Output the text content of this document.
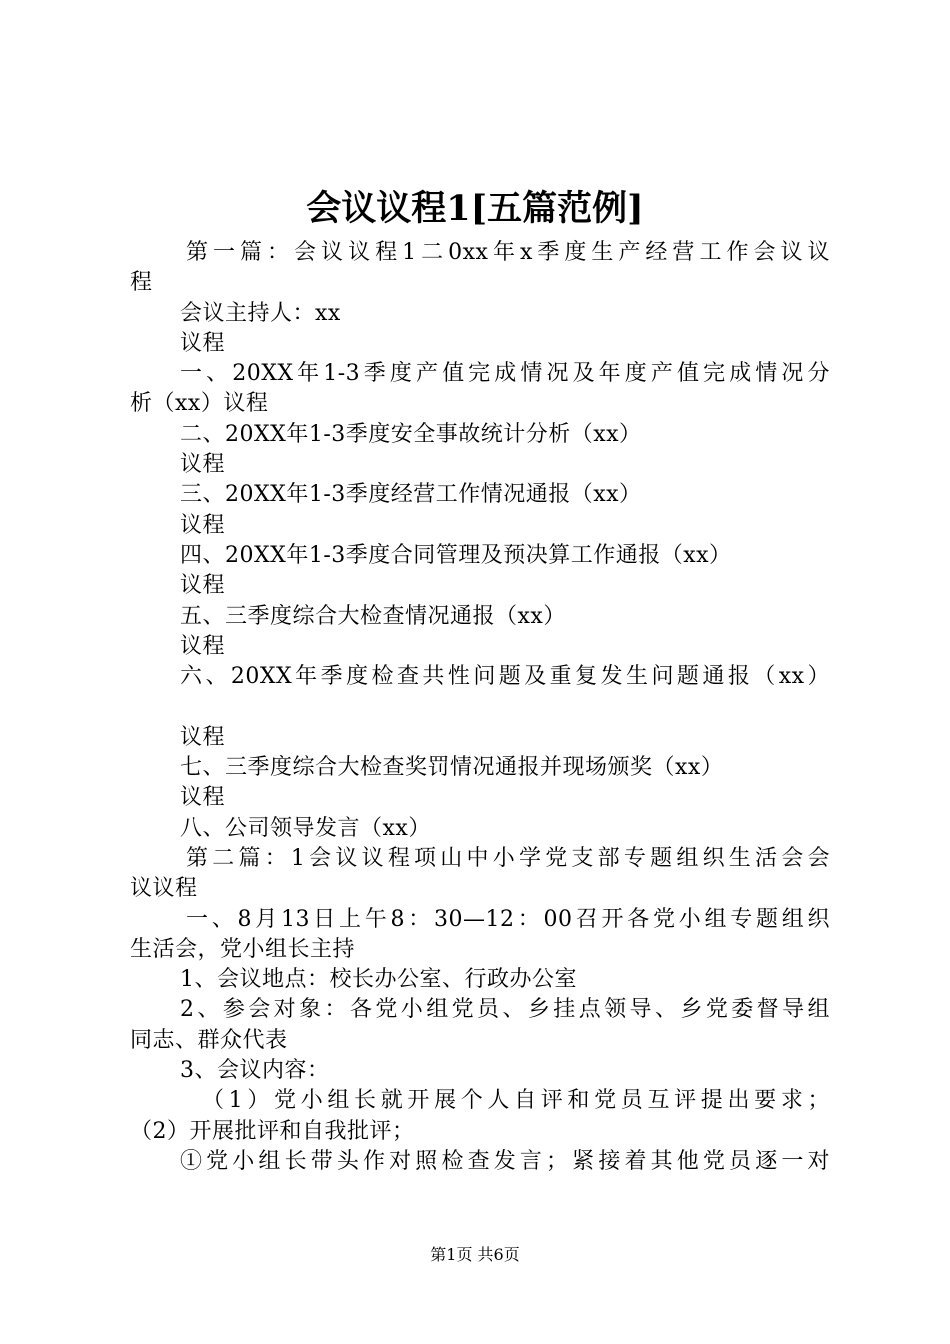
会议议程1[五篇范例]
第一篇：会议议程1二0xx年x季度生产经营工作会议议
程
会议主持人：xx
议程
一、20XX年1-3季度产值完成情况及年度产值完成情况分
析（xx）议程
二、20XX年1-3季度安全事故统计分析（xx）
议程
三、20XX年1-3季度经营工作情况通报（xx）
议程
四、20XX年1-3季度合同管理及预决算工作通报（xx）
议程
五、三季度综合大检查情况通报（xx）
议程
六、20XX年季度检查共性问题及重复发生问题通报（xx）
议程
七、三季度综合大检查奖罚情况通报并现场颁奖（xx）
议程
八、公司领导发言（xx）
第二篇：1会议议程项山中小学党支部专题组织生活会会
议议程
一、8月13日上午8：30—12：00召开各党小组专题组织
生活会，党小组长主持
1、会议地点：校长办公室、行政办公室
2、参会对象：各党小组党员、乡挂点领导、乡党委督导组
同志、群众代表
3、会议内容：
（1）党小组长就开展个人自评和党员互评提出要求；
（2）开展批评和自我批评；
①党小组长带头作对照检查发言；紧接着其他党员逐一对
第1页 共6页
